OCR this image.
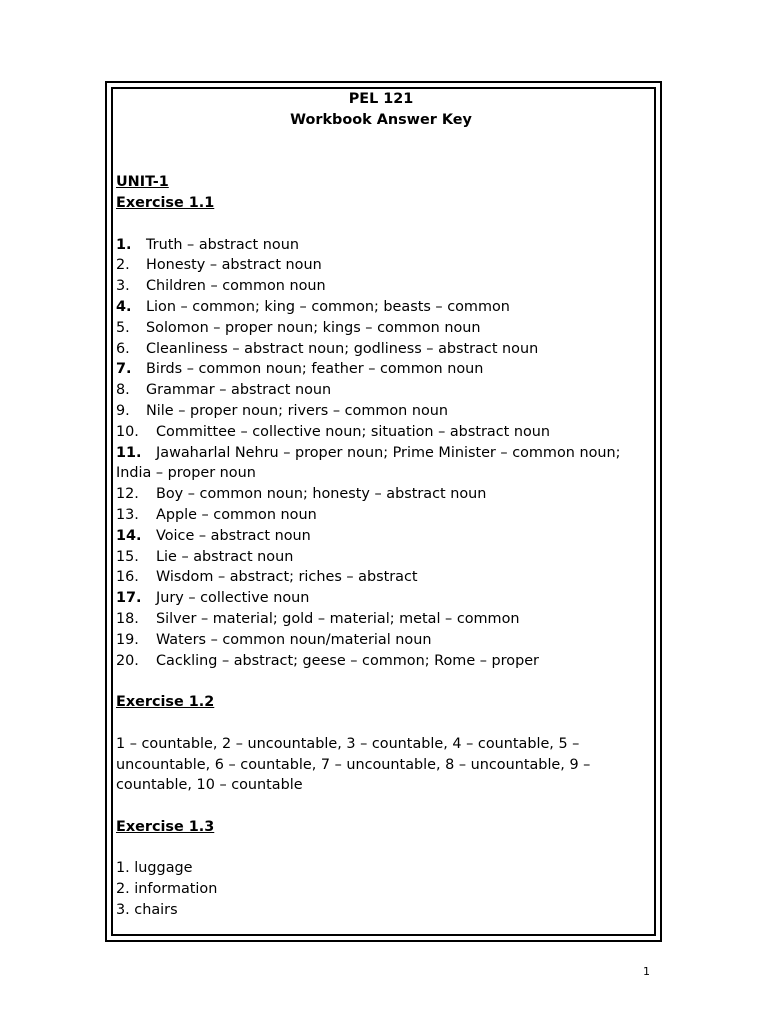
PEL 121

Workbook Answer Key

UNIT-1

Exercise 1.1

1. Truth – abstract noun

2. Honesty – abstract noun

3. Children – common noun

4. Lion – common; king – common; beasts – common

5. Solomon – proper noun; kings – common noun

6. Cleanliness – abstract noun; godliness – abstract noun

7. Birds – common noun; feather – common noun

8. Grammar – abstract noun

9. Nile – proper noun; rivers – common noun

10. Committee – collective noun; situation – abstract noun

11. Jawaharlal Nehru – proper noun; Prime Minister – common noun; India – proper noun

12. Boy – common noun; honesty – abstract noun

13. Apple – common noun

14. Voice – abstract noun

15. Lie – abstract noun

16. Wisdom – abstract; riches – abstract

17. Jury – collective noun

18. Silver – material; gold – material; metal – common

19. Waters – common noun/material noun

20. Cackling – abstract; geese – common; Rome – proper

Exercise 1.2

1 – countable, 2 – uncountable, 3 – countable, 4 – countable, 5 – uncountable, 6 – countable, 7 – uncountable, 8 – uncountable, 9 – countable, 10 – countable

Exercise 1.3

1. luggage

2. information

3. chairs

1
